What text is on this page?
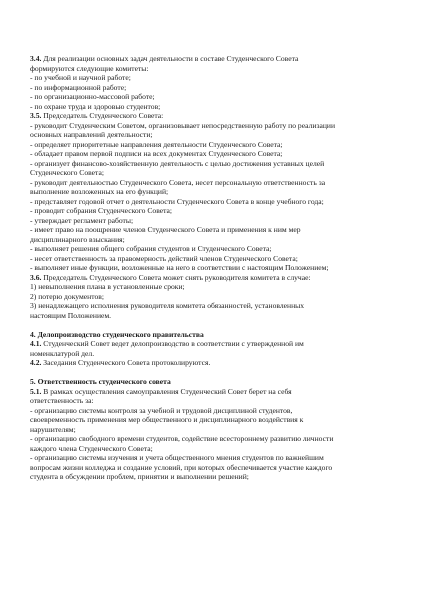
3.4. Для реализации основных задач деятельности в составе Студенческого Совета
формируются следующие комитеты:
- по учебной и научной работе;
- по информационной работе;
- по организационно-массовой работе;
- по охране труда и здоровью студентов;
3.5. Председатель Студенческого Совета:
- руководит Студенческим Советом, организовывает непосредственную работу по реализации
основных направлений деятельности;
- определяет приоритетные направления деятельности Студенческого Совета;
- обладает правом первой подписи на всех документах Студенческого Совета;
- организует финансово-хозяйственную деятельность с целью достижения уставных целей
Студенческого Совета;
- руководит деятельностью Студенческого Совета, несет персональную ответственность за
выполнение возложенных на его функций;
- представляет годовой отчет о деятельности Студенческого Совета в конце учебного года;
- проводит собрания Студенческого Совета;
- утверждает регламент работы;
- имеет право на поощрение членов Студенческого Совета и применения к ним мер
дисциплинарного взыскания;
- выполняет решения общего собрания студентов и Студенческого Совета;
- несет ответственность за правомерность действий членов Студенческого Совета;
- выполняет иные функции, возложенные на него в соответствии с настоящим Положением;
3.6. Председатель Студенческого Совета может снять руководителя комитета в случае:
1) невыполнения плана в установленные сроки;
2) потерю документов;
3) ненадлежащего исполнения руководителя комитета обязанностей, установленных
настоящим Положением.
4. Делопроизводство студенческого правительства
4.1. Студенческий Совет ведет делопроизводство в соответствии с утвержденной им
номенклатурой дел.
4.2. Заседания Студенческого Совета протоколируются.
5. Ответственность студенческого совета
5.1. В рамках осуществления самоуправления Студенческий Совет берет на себя
ответственность за:
- организацию системы контроля за учебной и трудовой дисциплиной студентов,
своевременность применения мер общественного и дисциплинарного воздействия к
нарушителям;
- организацию свободного времени студентов, содействие всестороннему развитию личности
каждого члена Студенческого Совета;
- организацию системы изучения и учета общественного мнения студентов по важнейшим
вопросам жизни колледжа и создание условий, при которых обеспечивается участие каждого
студента в обсуждении проблем, принятии и выполнении решений;
